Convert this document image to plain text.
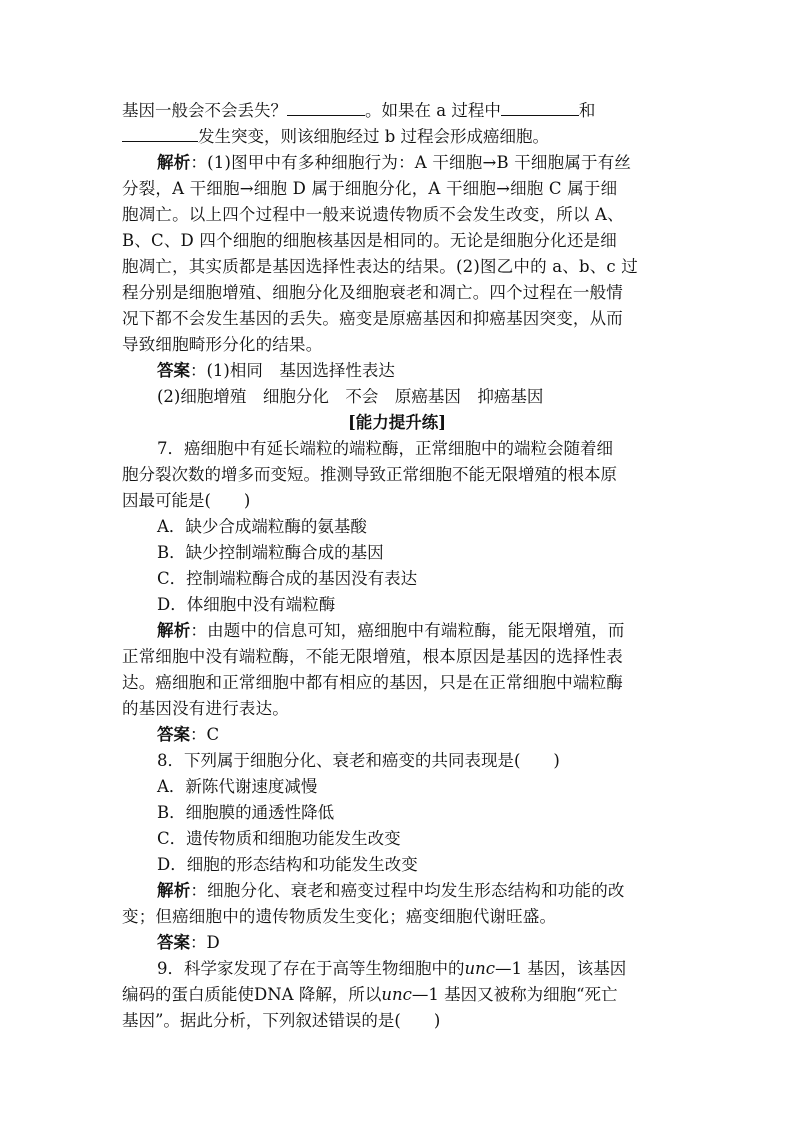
基因一般会不会丢失？	。如果在 a 过程中	和
发生突变，则该细胞经过 b 过程会形成癌细胞。
解析：(1)图甲中有多种细胞行为：A 干细胞→B 干细胞属于有丝
分裂，A 干细胞→细胞 D 属于细胞分化，A 干细胞→细胞 C 属于细
胞凋亡。以上四个过程中一般来说遗传物质不会发生改变，所以 A、
B、C、D 四个细胞的细胞核基因是相同的。无论是细胞分化还是细
胞凋亡，其实质都是基因选择性表达的结果。(2)图乙中的 a、b、c 过
程分别是细胞增殖、细胞分化及细胞衰老和凋亡。四个过程在一般情
况下都不会发生基因的丢失。癌变是原癌基因和抑癌基因突变，从而
导致细胞畸形分化的结果。
答案：(1)相同　基因选择性表达
(2)细胞增殖　细胞分化　不会　原癌基因　抑癌基因
[能力提升练]
7．癌细胞中有延长端粒的端粒酶，正常细胞中的端粒会随着细
胞分裂次数的增多而变短。推测导致正常细胞不能无限增殖的根本原
因最可能是(　　)
A．缺少合成端粒酶的氨基酸
B．缺少控制端粒酶合成的基因
C．控制端粒酶合成的基因没有表达
D．体细胞中没有端粒酶
解析：由题中的信息可知，癌细胞中有端粒酶，能无限增殖，而
正常细胞中没有端粒酶，不能无限增殖，根本原因是基因的选择性表
达。癌细胞和正常细胞中都有相应的基因，只是在正常细胞中端粒酶
的基因没有进行表达。
答案：C
8．下列属于细胞分化、衰老和癌变的共同表现是(　　)
A．新陈代谢速度减慢
B．细胞膜的通透性降低
C．遗传物质和细胞功能发生改变
D．细胞的形态结构和功能发生改变
解析：细胞分化、衰老和癌变过程中均发生形态结构和功能的改
变；但癌细胞中的遗传物质发生变化；癌变细胞代谢旺盛。
答案：D
9．科学家发现了存在于高等生物细胞中的unc—1 基因，该基因
编码的蛋白质能使DNA 降解，所以unc—1 基因又被称为细胞“死亡
基因”。据此分析，下列叙述错误的是(　　)
